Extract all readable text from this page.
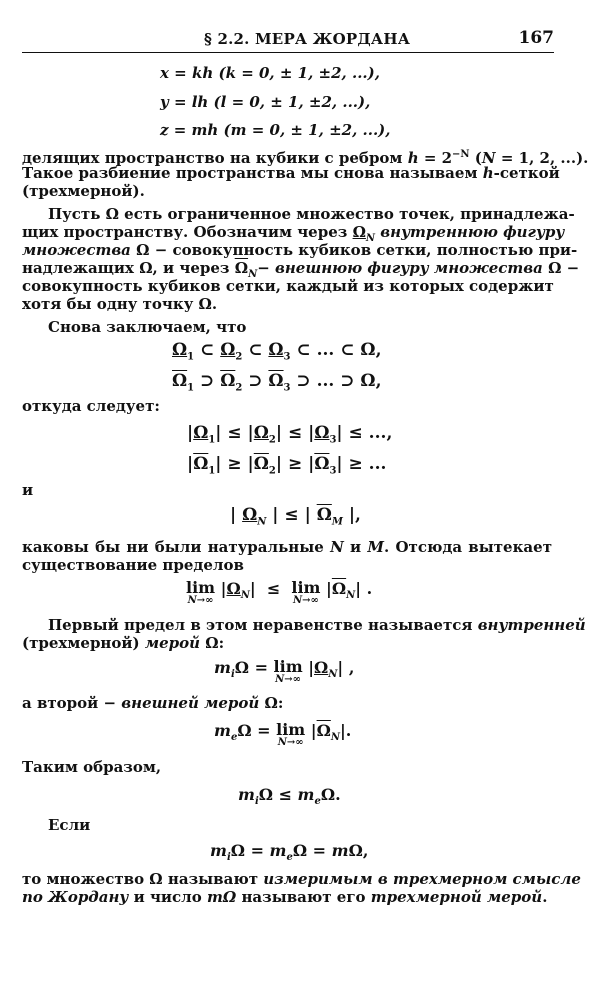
§ 2.2. МЕРА ЖОРДАНА	167
x = kh (k = 0, ± 1, ±2, ...),
y = lh (l = 0, ± 1, ±2, ...),
z = mh (m = 0, ± 1, ±2, ...),
делящих пространство на кубики с ребром $h = 2^{-N}$ (N = 1, 2, ...).
Такое разбиение пространства мы снова называем h-сеткой
(трехмерной).
Пусть Ω есть ограниченное множество точек, принадлежа-
щих пространству. Обозначим через $\Omega_N$ внутреннюю фигуру
множества Ω − совокупность кубиков сетки, полностью при-
надлежащих Ω, и через $\overline{\Omega}_N-$ внешнюю фигуру множества Ω −
совокупность кубиков сетки, каждый из которых содержит
хотя бы одну точку Ω.
Снова заключаем, что
$\Omega_1$ ⊂ $\Omega_2$ ⊂ $\Omega_3$ ⊂ ... ⊂ Ω,
$\overline{\Omega}_1$ ⊃ $\overline{\Omega}_2$ ⊃ $\overline{\Omega}_3$ ⊃ ... ⊃ Ω,
откуда следует:
$|\Omega_1| \le |\Omega_2| \le |\Omega_3|$ ≤ ...,
$|\overline{\Omega}_1| \ge |\overline{\Omega}_2| \ge |\overline{\Omega}_3|$ ≥ ...
и
| $\Omega_N$ | ≤ | $\overline{\Omega}_M$ |,
каковы бы ни были натуральные N и M. Отсюда вытекает
существование пределов
lim
N→∞
$|\Omega_N| \le \lim$
N→∞
$|\overline{\Omega}_N|$ .
Первый предел в этом неравенстве называется внутренней
(трехмерной) мерой Ω:
$m_i\Omega = \lim$
N→∞
$|\Omega_N|$ ,
а второй − внешней мерой Ω:
$m_e\Omega = \lim$
N→∞
$|\overline{\Omega}_N|$.
Таким образом,
$m_i\Omega \le m_e\Omega$.
Если
$m_i\Omega = m_e\Omega = m\Omega$,
то множество Ω называют измеримым в трехмерном смысле
по Жордану и число mΩ называют его трехмерной мерой.
